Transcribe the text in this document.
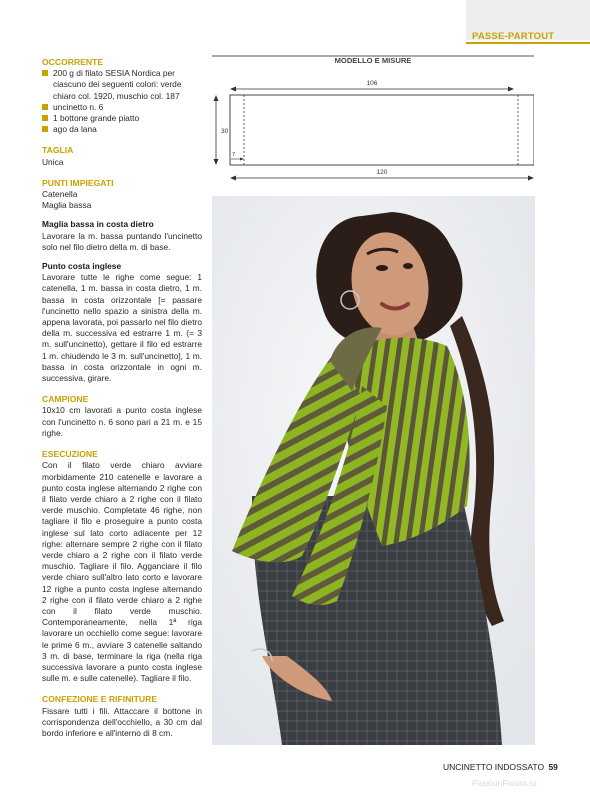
PASSE-PARTOUT

OCCORRENTE

200 g di filato SESIA Nordica per ciascuno dei seguenti colori: verde chiaro col. 1920, muschio col. 187
uncinetto n. 6
1 bottone grande piatto
ago da lana

TAGLIA

Unica

PUNTI IMPIEGATI

Catenella

Maglia bassa

Maglia bassa in costa dietro

Lavorare la m. bassa puntando l'uncinetto solo nel filo dietro della m. di base.

Punto costa inglese

Lavorare tutte le righe come segue: 1 catenella, 1 m. bassa in costa dietro, 1 m. bassa in costa orizzontale [= passare l'uncinetto nello spazio a sinistra della m. appena lavorata, poi passarlo nel filo dietro della m. successiva ed estrarre 1 m. (= 3 m. sull'uncinetto), gettare il filo ed estrarre 1 m. chiudendo le 3 m. sull'uncinetto], 1 m. bassa in costa orizzontale in ogni m. successiva, girare.

CAMPIONE

10x10 cm lavorati a punto costa inglese con l'uncinetto n. 6 sono pari a 21 m. e 15 righe.

ESECUZIONE

Con il filato verde chiaro avviare morbidamente 210 catenelle e lavorare a punto costa inglese alternando 2 righe con il filato verde chiaro a 2 righe con il filato verde muschio. Completate 46 righe, non tagliare il filo e proseguire a punto costa inglese sul lato corto adiacente per 12 righe: alternare sempre 2 righe con il filato verde chiaro a 2 righe con il filato verde muschio. Tagliare il filo. Agganciare il filo verde chiaro sull'altro lato corto e lavorare 12 righe a punto costa inglese alternando 2 righe con il filato verde chiaro a 2 righe con il filato verde muschio. Contemporaneamente, nella 1ª riga lavorare un occhiello come segue: lavorare le prime 6 m., avviare 3 catenelle saltando 3 m. di base, terminare la riga (nella riga successiva lavorare a punto costa inglese sulle m. e sulle catenelle). Tagliare il filo.

CONFEZIONE E RIFINITURE

Fissare tutti i fili. Attaccare il bottone in corrispondenza dell'occhiello, a 30 cm dal bordo inferiore e all'interno di 8 cm.

MODELLO E MISURE
106
30
7
120
UNCINETTO INDOSSATO 59
PassionForum.ru
